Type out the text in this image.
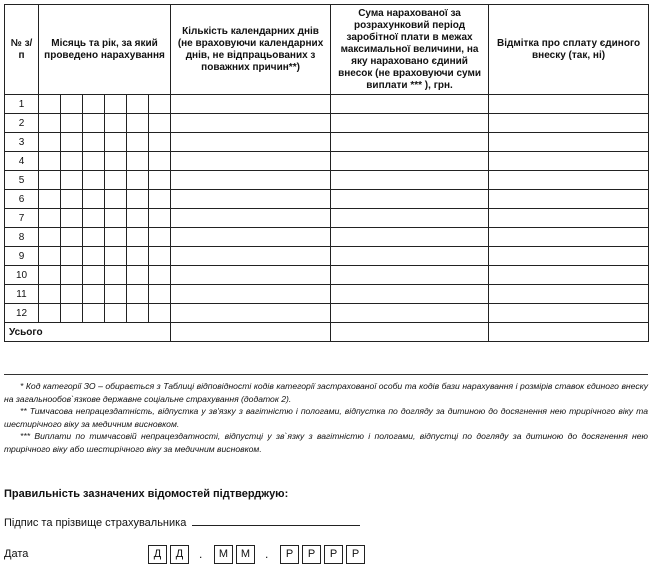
№ з/п	Місяць та рік, за який проведено нарахування						Кількість календарних днів (не враховуючи календарних днів, не відпрацьованих з поважних причин**)	Сума нарахованої за розрахунковий період заробітної плати в межах максимальної величини, на яку нараховано єдиний внесок (не враховуючи суми виплати *** ), грн.	Відмітка про сплату єдиного внеску (так, ні)
1									
2									
3									
4									
5									
6									
7									
8									
9									
10									
11									
12									
Усього									

* Код категорії ЗО – обирається з Таблиці відповідності кодів категорії застрахованої особи та кодів бази нарахування і розмірів ставок єдиного внеску на загальнообов`язкове державне соціальне страхування (додаток 2).

** Тимчасова непрацездатність, відпустка у зв'язку з вагітністю і пологами, відпустка по догляду за дитиною до досягнення нею трирічного віку та шестирічного віку за медичним висновком.

*** Виплати по тимчасовій непрацездатності, відпустці у зв`язку з вагітністю і пологами, відпустці по догляду за дитиною до досягнення нею трирічного віку або шестирічного віку за медичним висновком.

Правильність зазначених відомостей підтверджую:
Підпис та прізвище страхувальника
Дата	Д	Д	.	М	М	.	Р	Р	Р	Р
